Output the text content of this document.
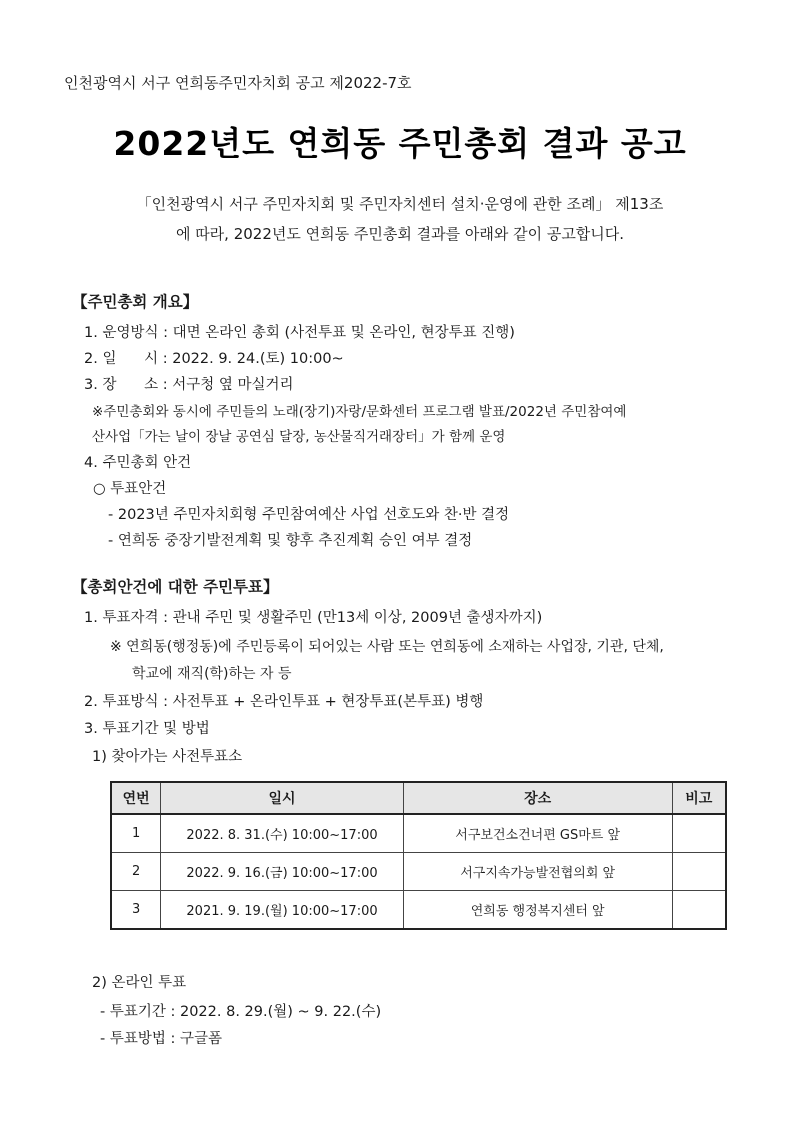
인천광역시 서구 연희동주민자치회 공고 제2022-7호
2022년도 연희동 주민총회 결과 공고
「인천광역시 서구 주민자치회 및 주민자치센터 설치·운영에 관한 조례」 제13조
에 따라, 2022년도 연희동 주민총회 결과를 아래와 같이 공고합니다.
【주민총회 개요】
1. 운영방식 : 대면 온라인 총회 (사전투표 및 온라인, 현장투표 진행)
2. 일      시 : 2022. 9. 24.(토) 10:00~
3. 장      소 : 서구청 옆 마실거리
※주민총회와 동시에 주민들의 노래(장기)자랑/문화센터 프로그램 발표/2022년 주민참여예
산사업「가는 날이 장날 공연심 달장, 농산물직거래장터」가 함께 운영
4. 주민총회 안건
○ 투표안건
- 2023년 주민자치회형 주민참여예산 사업 선호도와 찬·반 결정
- 연희동 중장기발전계획 및 향후 추진계획 승인 여부 결정
【총회안건에 대한 주민투표】
1. 투표자격 : 관내 주민 및 생활주민 (만13세 이상, 2009년 출생자까지)
※ 연희동(행정동)에 주민등록이 되어있는 사람 또는 연희동에 소재하는 사업장, 기관, 단체,
학교에 재직(학)하는 자 등
2. 투표방식 : 사전투표 + 온라인투표 + 현장투표(본투표) 병행
3. 투표기간 및 방법
1) 찾아가는 사전투표소
연번	일시	장소	비고
1	2022. 8. 31.(수) 10:00~17:00	서구보건소건너편 GS마트 앞	
2	2022. 9. 16.(금) 10:00~17:00	서구지속가능발전협의회 앞	
3	2021. 9. 19.(월) 10:00~17:00	연희동 행정복지센터 앞	
2) 온라인 투표
- 투표기간 : 2022. 8. 29.(월) ~ 9. 22.(수)
- 투표방법 : 구글폼
